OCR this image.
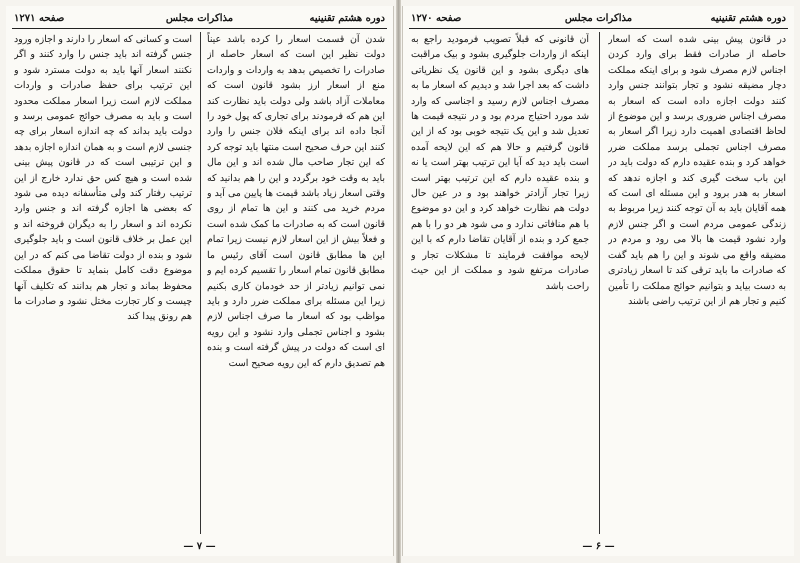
دوره هشتم تقنینیه
مذاکرات مجلس
صفحه ۱۲۷۱

شدن آن قسمت اسعار را کرده باشد عیناً دولت نظیر این است که اسعار حاصله از صادرات را تخصیص بدهد به واردات و واردات منع از اسعار ارز بشود قانون است که معاملات آزاد باشد ولی دولت باید نظارت کند این هم که فرمودند برای تجاری که پول خود را آنجا داده اند برای اینکه فلان جنس را وارد کنند این حرف صحیح است منتها باید توجه کرد که این تجار صاحب مال شده اند و این مال باید به وقت خود برگردد و این را هم بدانید که وقتی اسعار زیاد باشد قیمت ها پایین می آید و مردم خرید می کنند و این ها تمام از روی قانون است که به صادرات ما کمک شده است و فعلاً بیش از این اسعار لازم نیست زیرا تمام این ها مطابق قانون است آقای رئیس ما مطابق قانون تمام اسعار را تقسیم کرده ایم و نمی توانیم زیادتر از حد خودمان کاری بکنیم زیرا این مسئله برای مملکت ضرر دارد و باید مواظب بود که اسعار ما صرف اجناس لازم بشود و اجناس تجملی وارد نشود و این رویه ای است که دولت در پیش گرفته است و بنده هم تصدیق دارم که این رویه صحیح است

است و کسانی که اسعار را دارند و اجازه ورود جنس گرفته اند باید جنس را وارد کنند و اگر نکنند اسعار آنها باید به دولت مسترد شود و این ترتیب برای حفظ صادرات و واردات مملکت لازم است زیرا اسعار مملکت محدود است و باید به مصرف حوائج عمومی برسد و دولت باید بداند که چه اندازه اسعار برای چه جنسی لازم است و به همان اندازه اجازه بدهد و این ترتیبی است که در قانون پیش بینی شده است و هیچ کس حق ندارد خارج از این ترتیب رفتار کند ولی متأسفانه دیده می شود که بعضی ها اجازه گرفته اند و جنس وارد نکرده اند و اسعار را به دیگران فروخته اند و این عمل بر خلاف قانون است و باید جلوگیری شود و بنده از دولت تقاضا می کنم که در این موضوع دقت کامل بنماید تا حقوق مملکت محفوظ بماند و تجار هم بدانند که تکلیف آنها چیست و کار تجارت مختل نشود و صادرات ما هم رونق پیدا کند

— ۷ —
دوره هشتم تقنینیه
مذاکرات مجلس
صفحه ۱۲۷۰

در قانون پیش بینی شده است که اسعار حاصله از صادرات فقط برای وارد کردن اجناس لازم مصرف شود و برای اینکه مملکت دچار مضیقه نشود و تجار بتوانند جنس وارد کنند دولت اجازه داده است که اسعار به مصرف اجناس ضروری برسد و این موضوع از لحاظ اقتصادی اهمیت دارد زیرا اگر اسعار به مصرف اجناس تجملی برسد مملکت ضرر خواهد کرد و بنده عقیده دارم که دولت باید در این باب سخت گیری کند و اجازه ندهد که اسعار به هدر برود و این مسئله ای است که همه آقایان باید به آن توجه کنند زیرا مربوط به زندگی عمومی مردم است و اگر جنس لازم وارد نشود قیمت ها بالا می رود و مردم در مضیقه واقع می شوند و این را هم باید گفت که صادرات ما باید ترقی کند تا اسعار زیادتری به دست بیاید و بتوانیم حوائج مملکت را تأمین کنیم و تجار هم از این ترتیب راضی باشند

آن قانونی که قبلاً تصویب فرمودید راجع به اینکه از واردات جلوگیری بشود و بیک مراقبت های دیگری بشود و این قانون یک نظریاتی داشت که بعد اجرا شد و دیدیم که اسعار ما به مصرف اجناس لازم رسید و اجناسی که وارد شد مورد احتیاج مردم بود و در نتیجه قیمت ها تعدیل شد و این یک نتیجه خوبی بود که از این قانون گرفتیم و حالا هم که این لایحه آمده است باید دید که آیا این ترتیب بهتر است یا نه و بنده عقیده دارم که این ترتیب بهتر است زیرا تجار آزادتر خواهند بود و در عین حال دولت هم نظارت خواهد کرد و این دو موضوع با هم منافاتی ندارد و می شود هر دو را با هم جمع کرد و بنده از آقایان تقاضا دارم که با این لایحه موافقت فرمایند تا مشکلات تجار و صادرات مرتفع شود و مملکت از این حیث راحت باشد

— ۶ —
